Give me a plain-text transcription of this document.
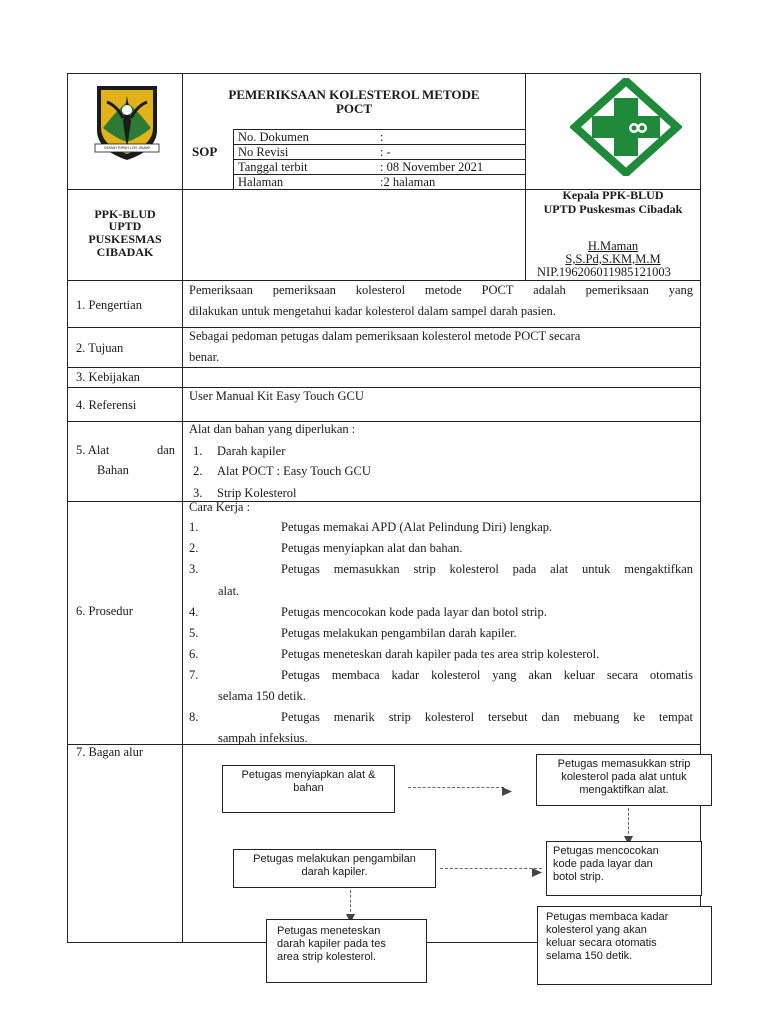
GEMAH RIPAH LOH JINAWI
PEMERIKSAAN KOLESTEROL METODE
POCT
SOP
No. Dokumen	:
No Revisi	: -
Tanggal terbit	: 08 November 2021
Halaman	:2 halaman
PPK-BLUD
UPTD
PUSKESMAS
CIBADAK
Kepala PPK-BLUD
UPTD Puskesmas Cibadak
H.Maman
S,S.Pd,S.KM,M.M
NIP.196206011985121003
1. Pengertian
Pemeriksaan pemeriksaan kolesterol metode POCT adalah pemeriksaan yang
dilakukan untuk mengetahui kadar kolesterol dalam sampel darah pasien.
2. Tujuan
Sebagai pedoman petugas dalam pemeriksaan kolesterol metode POCT secara
benar.
3. Kebijakan
4. Referensi
User Manual Kit Easy Touch GCU
5. Alat	dan
Bahan
Alat dan bahan yang diperlukan :
1. Darah kapiler
2. Alat POCT : Easy Touch GCU
3. Strip Kolesterol
6. Prosedur
Cara Kerja :
1.	Petugas memakai APD (Alat Pelindung Diri) lengkap.
2.	Petugas menyiapkan alat dan bahan.
3.	Petugas memasukkan strip kolesterol pada alat untuk mengaktifkan
alat.
4.	Petugas mencocokan kode pada layar dan botol strip.
5.	Petugas melakukan pengambilan darah kapiler.
6.	Petugas meneteskan darah kapiler pada tes area strip kolesterol.
7.	Petugas membaca kadar kolesterol yang akan keluar secara otomatis
selama 150 detik.
8.	Petugas menarik strip kolesterol tersebut dan mebuang ke tempat
sampah infeksius.
7. Bagan alur
Petugas menyiapkan alat &
bahan
Petugas memasukkan strip
kolesterol pada alat untuk
mengaktifkan alat.
Petugas mencocokan
kode pada layar dan
botol strip.
Petugas melakukan pengambilan
darah kapiler.
Petugas membaca kadar
kolesterol yang akan
keluar secara otomatis
selama 150 detik.
Petugas meneteskan
darah kapiler pada tes
area strip kolesterol.
